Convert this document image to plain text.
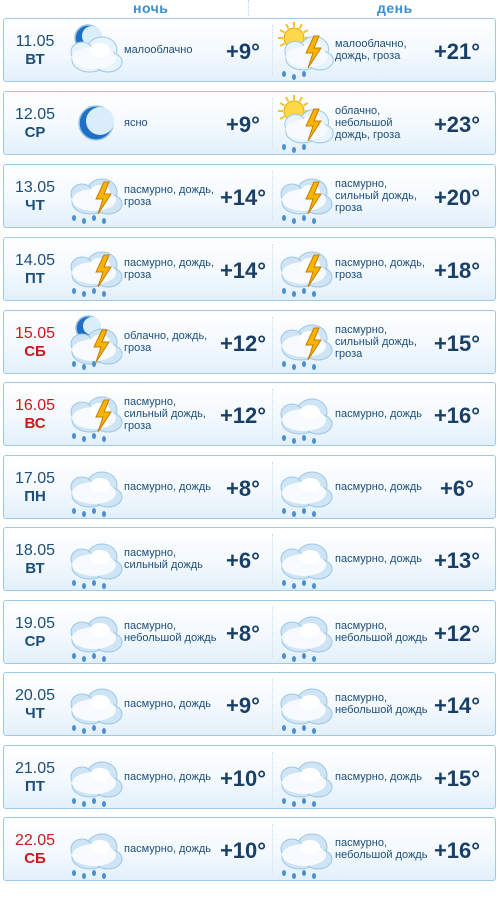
ночь	день
11.05
ВТ
малооблачно	+9°	малооблачно, дождь, гроза	+21°
12.05
СР
ясно	+9°
облачно, небольшой дождь, гроза	+23°
13.05
ЧТ
пасмурно, дождь, гроза	+14°
пасмурно, сильный дождь, гроза	+20°
14.05
ПТ
пасмурно, дождь, гроза	+14°	пасмурно, дождь, гроза	+18°
15.05
СБ
облачно, дождь, гроза	+12°
пасмурно, сильный дождь, гроза	+15°
16.05
ВС
пасмурно, сильный дождь, гроза	+12°	пасмурно, дождь +16°
17.05
ПН
пасмурно, дождь +8°	пасмурно, дождь +6°
18.05
ВТ
пасмурно, сильный дождь	+6°	пасмурно, дождь +13°
19.05
СР
пасмурно, небольшой дождь +8°	пасмурно, небольшой дождь +12°
20.05
ЧТ
пасмурно, дождь +9°	пасмурно, небольшой дождь +14°
21.05
ПТ
пасмурно, дождь +10°	пасмурно, дождь +15°
22.05
СБ
пасмурно, дождь +10°	пасмурно, небольшой дождь +16°
